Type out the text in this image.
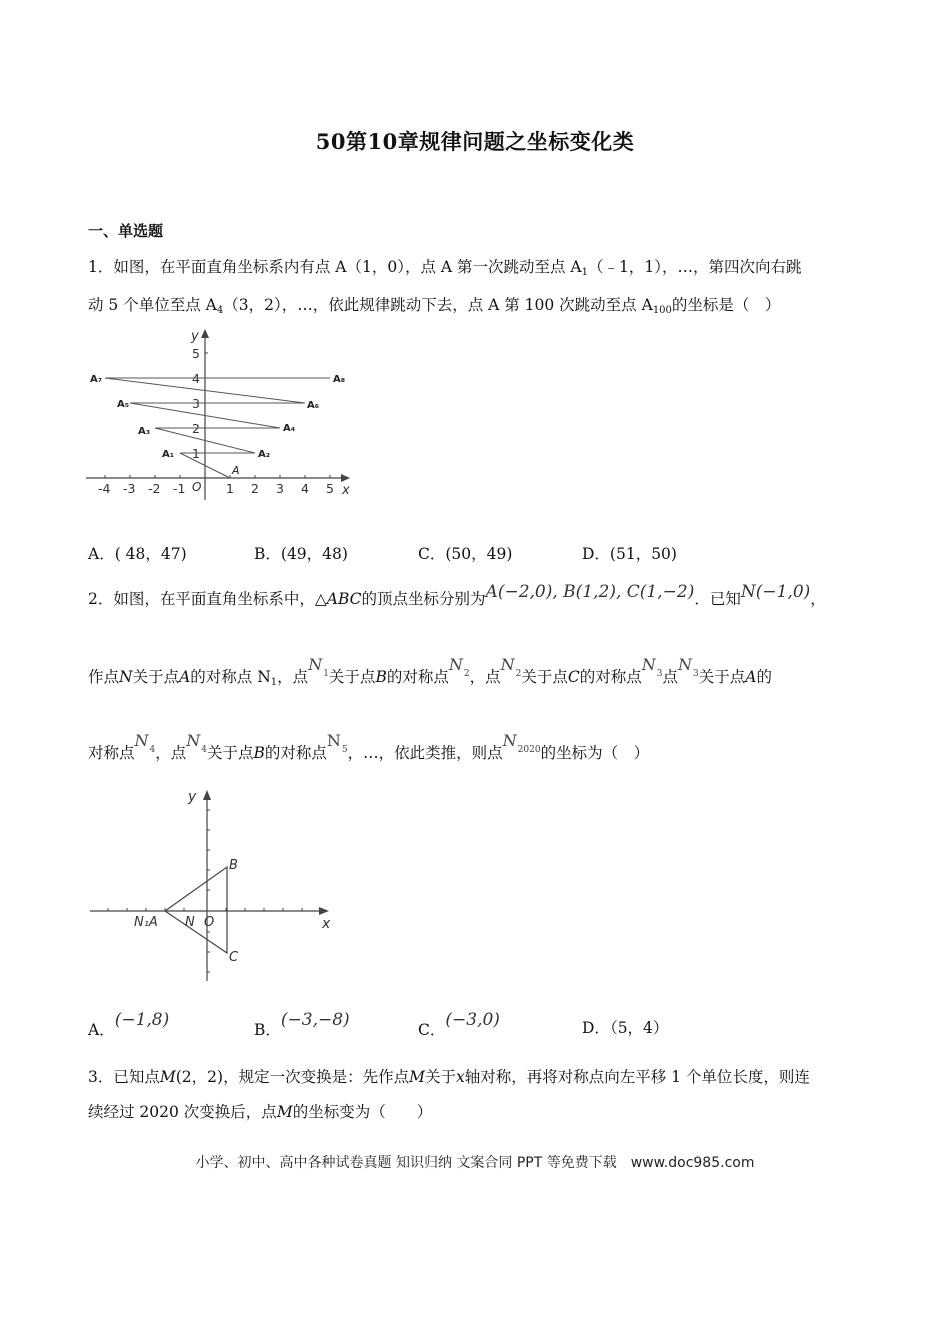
50第10章规律问题之坐标变化类
一、单选题
1．如图，在平面直角坐标系内有点 A（1，0），点 A 第一次跳动至点 $A_1(﹣1$，1），…，第四次向右跳
动 5 个单位至点 $A_4(3$，2），…，依此规律跳动下去，点 A 第 100 次跳动至点 $A_{100}$的坐标是（　）
y
x
O
-4 -3 -2 -1	1 2 3 4 5
1
2
3
4
5
A
A₁	A₂
A₃	A₄
A₅	A₆
A₇	A₈
A．( 48，47)	B．(49，48)	C．(50，49)	D．(51，50)
2．如图，在平面直角坐标系中，△ABC的顶点坐标分别为A(−2,0), B(1,2), C(1,−2)．已知N(−1,0)，
作点N关于点A的对称点 $N_1$，点$N_1$关于点B的对称点$N_2$，点$N_2$关于点C的对称点$N_3$点$N_3$关于点A的
对称点$N_4$，点$N_4$关于点B的对称点$N_5$，…，依此类推，则点$N_{2020}$的坐标为（　）
y
x
N₁A N O
B
C
A．(−1,8)	B．(−3,−8)	C．(−3,0)	D．（5，4）
3．已知点M(2，2)，规定一次变换是：先作点M关于x轴对称，再将对称点向左平移 1 个单位长度，则连
续经过 2020 次变换后，点M的坐标变为（　　）
小学、初中、高中各种试卷真题 知识归纳 文案合同 PPT 等免费下载　www.doc985.com
